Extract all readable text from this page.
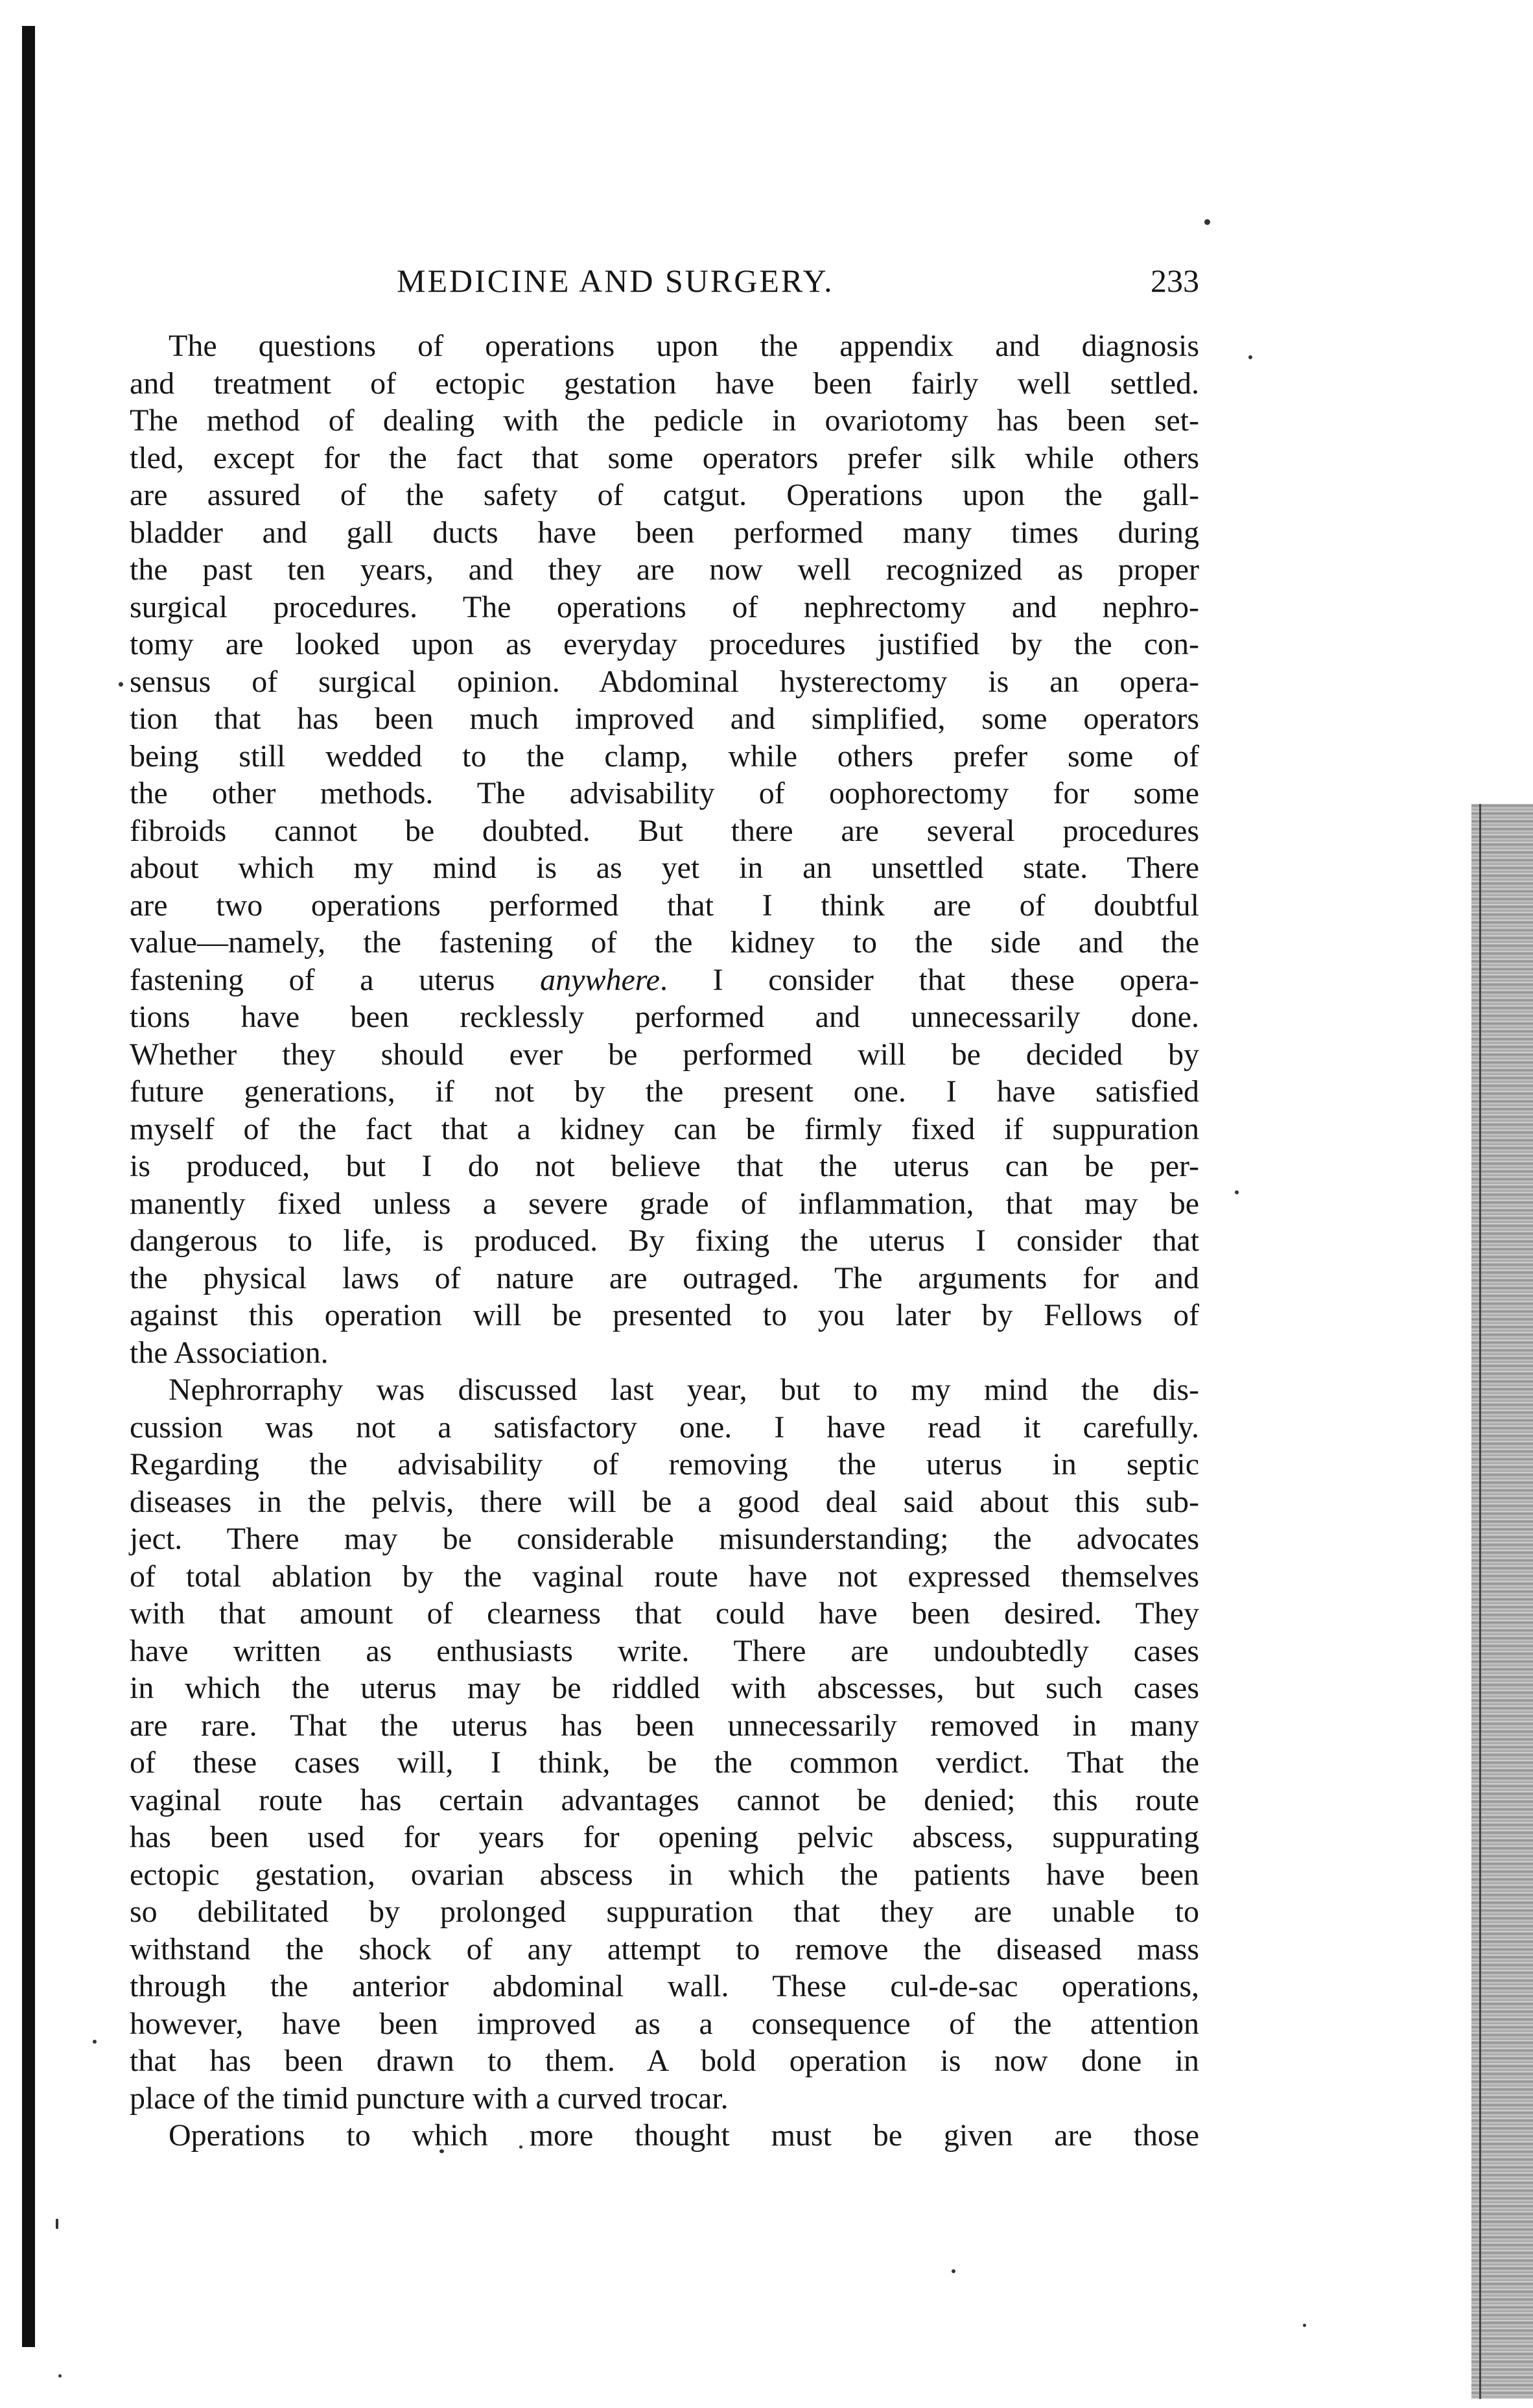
MEDICINE AND SURGERY.	233
The questions of operations upon the appendix and diagnosis
and treatment of ectopic gestation have been fairly well settled.
The method of dealing with the pedicle in ovariotomy has been set-
tled, except for the fact that some operators prefer silk while others
are assured of the safety of catgut. Operations upon the gall-
bladder and gall ducts have been performed many times during
the past ten years, and they are now well recognized as proper
surgical procedures. The operations of nephrectomy and nephro-
tomy are looked upon as everyday procedures justified by the con-
sensus of surgical opinion. Abdominal hysterectomy is an opera-
tion that has been much improved and simplified, some operators
being still wedded to the clamp, while others prefer some of
the other methods. The advisability of oophorectomy for some
fibroids cannot be doubted. But there are several procedures
about which my mind is as yet in an unsettled state. There
are two operations performed that I think are of doubtful
value—namely, the fastening of the kidney to the side and the
fastening of a uterus anywhere. I consider that these opera-
tions have been recklessly performed and unnecessarily done.
Whether they should ever be performed will be decided by
future generations, if not by the present one. I have satisfied
myself of the fact that a kidney can be firmly fixed if suppuration
is produced, but I do not believe that the uterus can be per-
manently fixed unless a severe grade of inflammation, that may be
dangerous to life, is produced. By fixing the uterus I consider that
the physical laws of nature are outraged. The arguments for and
against this operation will be presented to you later by Fellows of
the Association.
Nephrorraphy was discussed last year, but to my mind the dis-
cussion was not a satisfactory one. I have read it carefully.
Regarding the advisability of removing the uterus in septic
diseases in the pelvis, there will be a good deal said about this sub-
ject. There may be considerable misunderstanding; the advocates
of total ablation by the vaginal route have not expressed themselves
with that amount of clearness that could have been desired. They
have written as enthusiasts write. There are undoubtedly cases
in which the uterus may be riddled with abscesses, but such cases
are rare. That the uterus has been unnecessarily removed in many
of these cases will, I think, be the common verdict. That the
vaginal route has certain advantages cannot be denied; this route
has been used for years for opening pelvic abscess, suppurating
ectopic gestation, ovarian abscess in which the patients have been
so debilitated by prolonged suppuration that they are unable to
withstand the shock of any attempt to remove the diseased mass
through the anterior abdominal wall. These cul-de-sac operations,
however, have been improved as a consequence of the attention
that has been drawn to them. A bold operation is now done in
place of the timid puncture with a curved trocar.
Operations to which more thought must be given are those
